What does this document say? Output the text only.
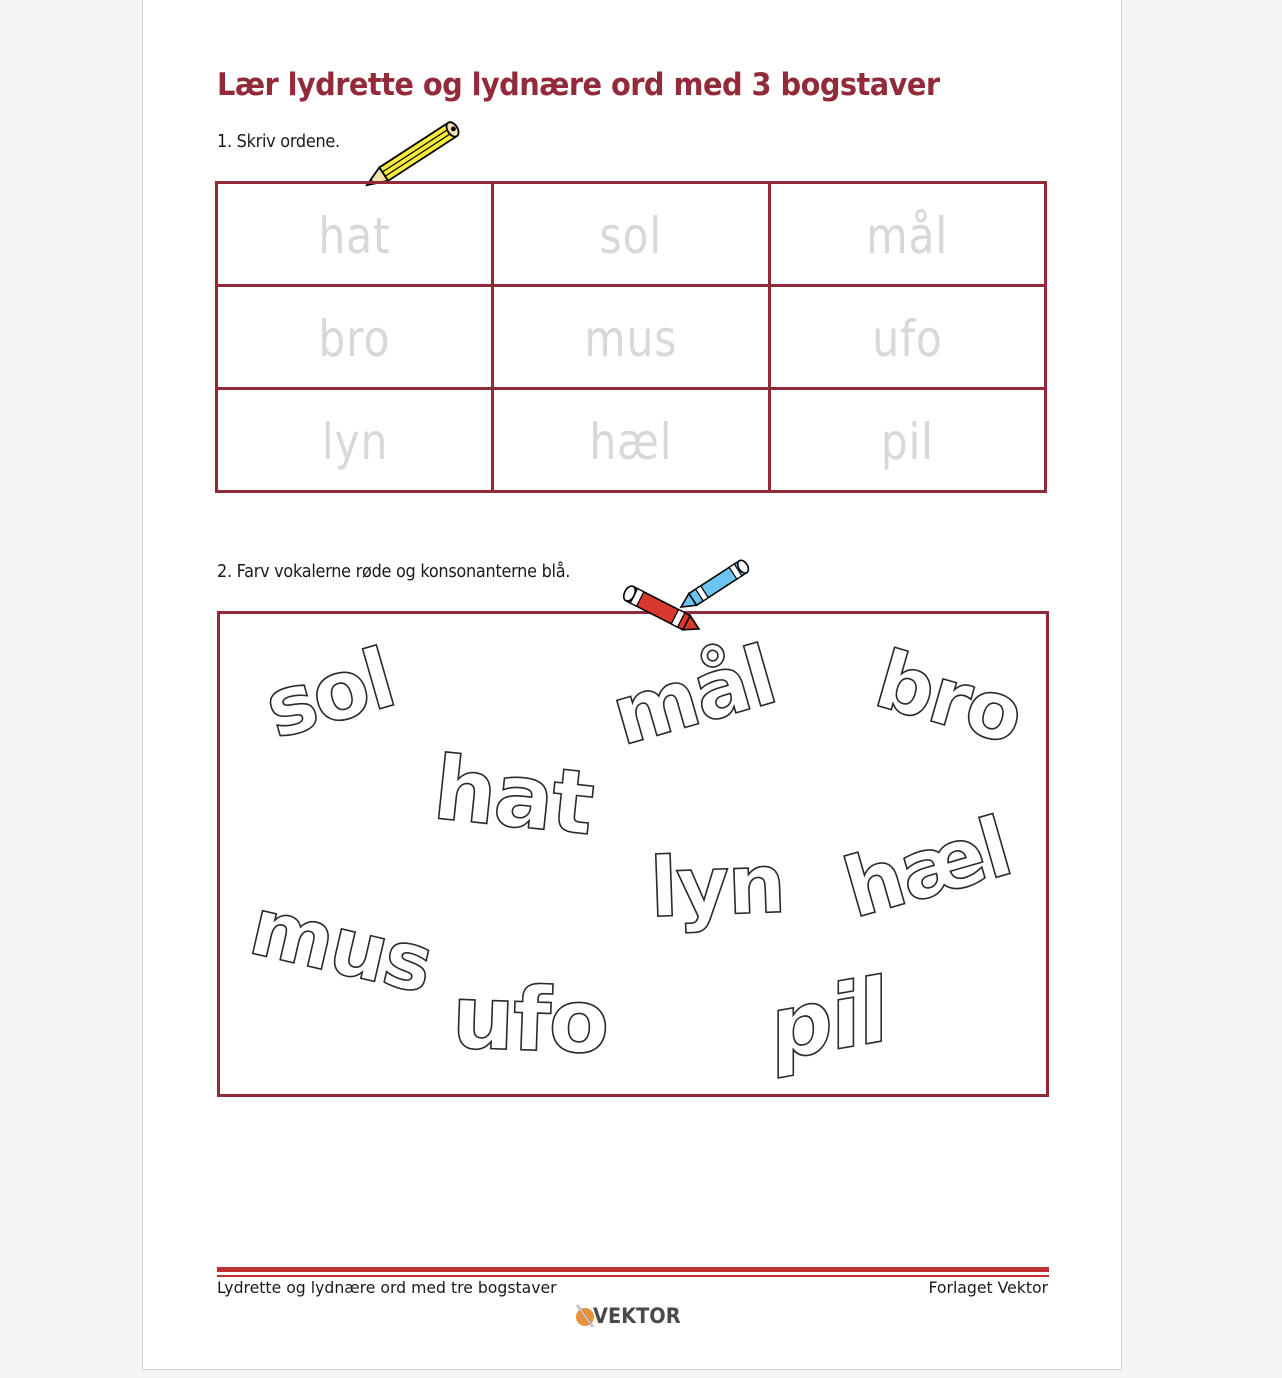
Lær lydrette og lydnære ord med 3 bogstaver
1. Skriv ordene.
hat	sol	mål
bro	mus	ufo
lyn	hæl	pil
2. Farv vokalerne røde og konsonanterne blå.
sol mål bro
hat
lyn hæl
mus
ufo pil
Lydrette og lydnære ord med tre bogstaver	Forlaget Vektor
VEKTOR
